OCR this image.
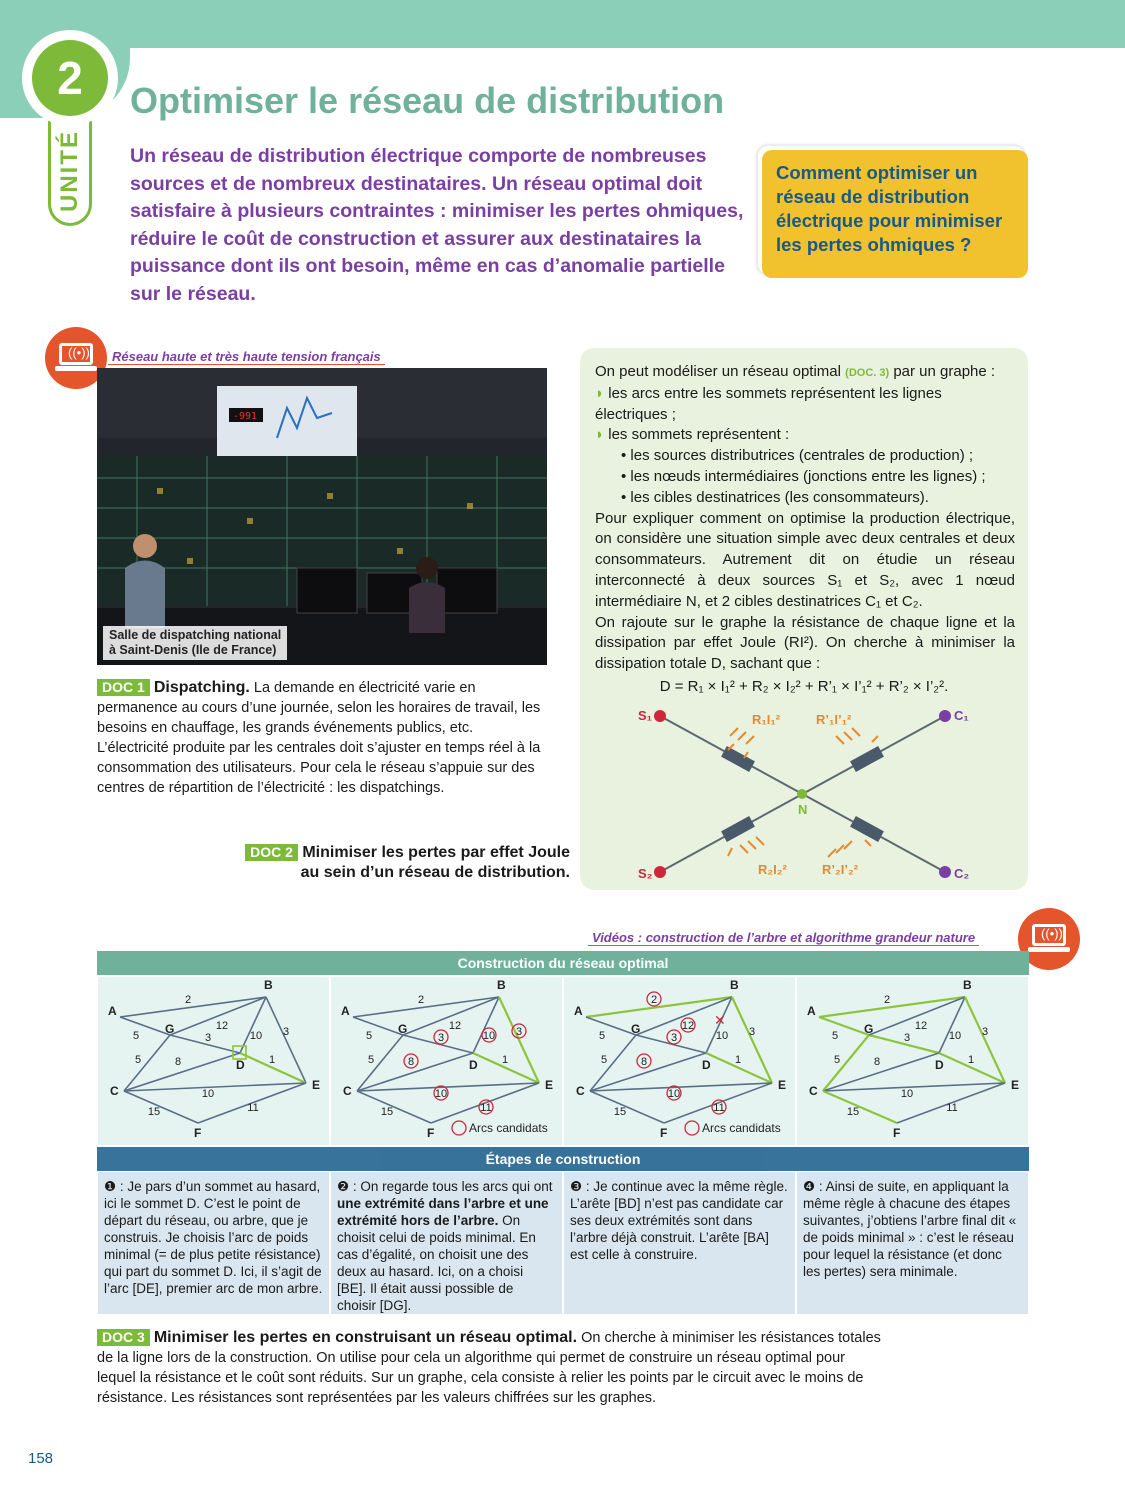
UNITÉ
2	Optimiser le réseau de distribution
Un réseau de distribution électrique comporte de nombreuses sources et de nombreux destinataires. Un réseau optimal doit satisfaire à plusieurs contraintes : minimiser les pertes ohmiques, réduire le coût de construction et assurer aux destinataires la puissance dont ils ont besoin, même en cas d’anomalie partielle sur le réseau.
Comment optimiser un réseau de distribution électrique pour minimiser les pertes ohmiques ?
((•))	Réseau haute et très haute tension français
-991
Salle de dispatching national
à Saint-Denis (Ile de France)
DOC 1 Dispatching. La demande en électricité varie en permanence au cours d’une journée, selon les horaires de travail, les besoins en chauffage, les grands événements publics, etc. L’électricité produite par les centrales doit s’ajuster en temps réel à la consommation des utilisateurs. Pour cela le réseau s’appuie sur des centres de répartition de l’électricité : les dispatchings.
DOC 2 Minimiser les pertes par effet Joule
au sein d’un réseau de distribution.
On peut modéliser un réseau optimal (DOC. 3) par un graphe :
◗ les arcs entre les sommets représentent les lignes électriques ;
◗ les sommets représentent :
• les sources distributrices (centrales de production) ;
• les nœuds intermédiaires (jonctions entre les lignes) ;
• les cibles destinatrices (les consommateurs).
Pour expliquer comment on optimise la production électrique, on considère une situation simple avec deux centrales et deux consommateurs. Autrement dit on étudie un réseau interconnecté à deux sources S₁ et S₂, avec 1 nœud intermédiaire N, et 2 cibles destinatrices C₁ et C₂.
On rajoute sur le graphe la résistance de chaque ligne et la dissipation par effet Joule (RI²). On cherche à minimiser la dissipation totale D, sachant que :
D = R₁ × I₁² + R₂ × I₂² + R’₁ × I’₁² + R’₂ × I’₂².
S₁
S₂
C₁
C₂
N
R₁I₁²	R’₁I’₁²
R₂I₂²	R’₂I’₂²
Vidéos : construction de l’arbre et algorithme grandeur nature	((•))
Construction du réseau optimal
Étapes de construction
❶ : Je pars d’un sommet au hasard, ici le sommet D. C’est le point de départ du réseau, ou arbre, que je construis. Je choisis l’arc de poids minimal (= de plus petite résistance) qui part du sommet D. Ici, il s’agit de l’arc [DE], premier arc de mon arbre.
❷ : On regarde tous les arcs qui ont une extrémité dans l’arbre et une extrémité hors de l’arbre. On choisit celui de poids minimal. En cas d’égalité, on choisit une des deux au hasard. Ici, on a choisi [BE]. Il était aussi possible de choisir [DG].
❸ : Je continue avec la même règle. L’arête [BD] n’est pas candidate car ses deux extrémités sont dans l’arbre déjà construit. L’arête [BA] est celle à construire.
❹ : Ainsi de suite, en appliquant la même règle à chacune des étapes suivantes, j’obtiens l’arbre final dit « de poids minimal » : c’est le réseau pour lequel la résistance (et donc les pertes) sera minimale.
2
5
5
3
12
10 3
1
8
10
15	11
A
B
G
D
C	E
F
2
5
5
3
12
10 3
1
8
10
15	11
A
B
G
D
C	E
F	Arcs candidats
2
5
5
3
12
10 3
1
8
10
15	11
A
B
G
D
C	E
F
✕
Arcs candidats
2
5
5
3
12
10 3
1
8
10
15	11
A
B
G
D
C	E
F
DOC 3 Minimiser les pertes en construisant un réseau optimal. On cherche à minimiser les résistances totales de la ligne lors de la construction. On utilise pour cela un algorithme qui permet de construire un réseau optimal pour lequel la résistance et le coût sont réduits. Sur un graphe, cela consiste à relier les points par le circuit avec le moins de résistance. Les résistances sont représentées par les valeurs chiffrées sur les graphes.
158
